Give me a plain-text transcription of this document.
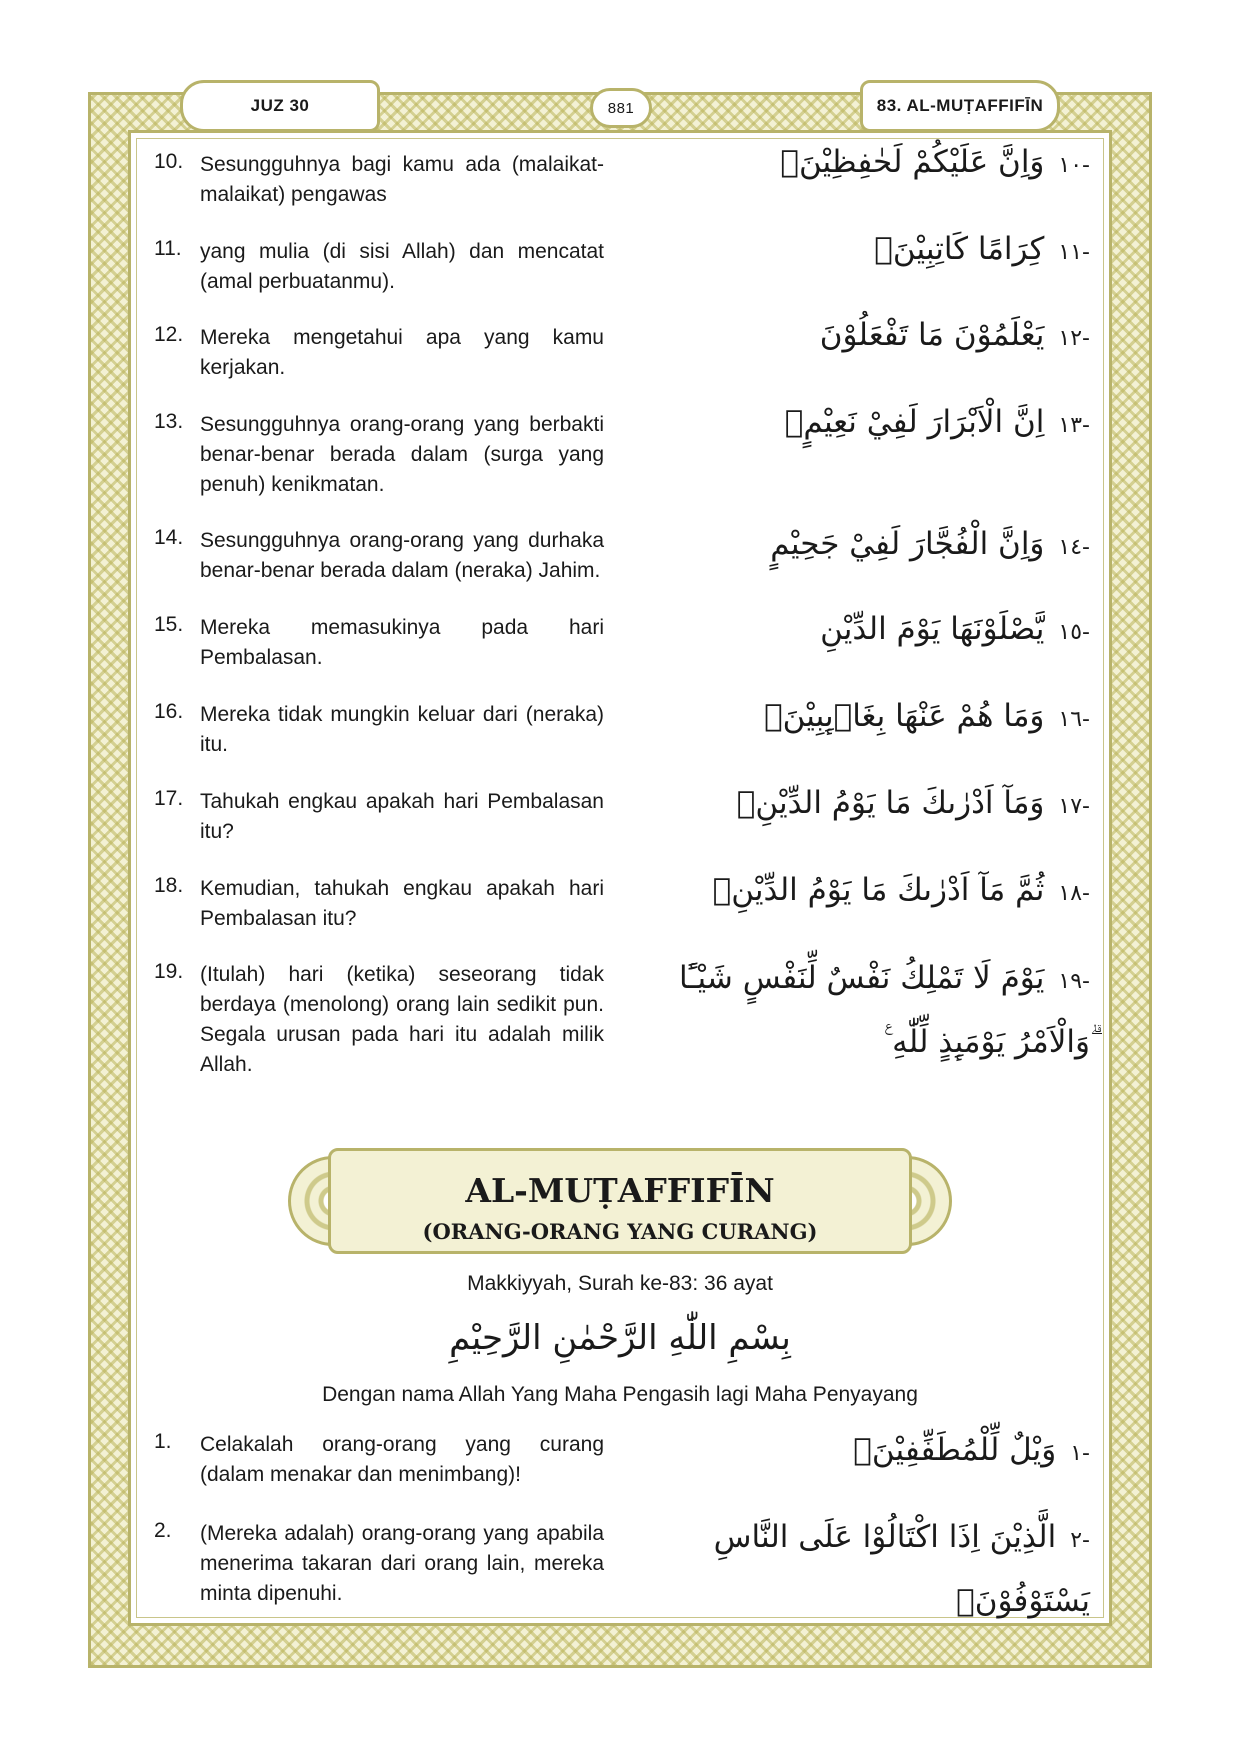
JUZ 30	881	83. AL-MUṬAFFIFĪN
10. Sesungguhnya bagi kamu ada (malaikat-malaikat) pengawas
-١٠وَاِنَّ عَلَيْكُمْ لَحٰفِظِيْنَۙ
11. yang mulia (di sisi Allah) dan mencatat (amal perbuatanmu).
-١١كِرَامًا كَاتِبِيْنَۙ
12. Mereka mengetahui apa yang kamu kerjakan.
-١٢يَعْلَمُوْنَ مَا تَفْعَلُوْنَ
13. Sesungguhnya orang-orang yang berbakti benar-benar berada dalam (surga yang penuh) kenikmatan.
-١٣اِنَّ الْاَبْرَارَ لَفِيْ نَعِيْمٍۙ
14. Sesungguhnya orang-orang yang durhaka benar-benar berada dalam (neraka) Jahim.
-١٤وَاِنَّ الْفُجَّارَ لَفِيْ جَحِيْمٍ
15. Mereka memasukinya pada hari Pembalasan.
-١٥يَّصْلَوْنَهَا يَوْمَ الدِّيْنِ
16. Mereka tidak mungkin keluar dari (neraka) itu.
-١٦وَمَا هُمْ عَنْهَا بِغَاۤىِٕبِيْنَۗ
17. Tahukah engkau apakah hari Pembalasan itu?
-١٧وَمَآ اَدْرٰىكَ مَا يَوْمُ الدِّيْنِۙ
18. Kemudian, tahukah engkau apakah hari Pembalasan itu?
-١٨ثُمَّ مَآ اَدْرٰىكَ مَا يَوْمُ الدِّيْنِۗ
19. (Itulah) hari (ketika) seseorang tidak berdaya (menolong) orang lain sedikit pun. Segala urusan pada hari itu adalah milik Allah.
-١٩يَوْمَ لَا تَمْلِكُ نَفْسٌ لِّنَفْسٍ شَيْـًٔا ۗوَالْاَمْرُ يَوْمَىِٕذٍ لِّلّٰهِ ࣖ
AL-MUṬAFFIFĪN
(ORANG-ORANG YANG CURANG)
Makkiyyah, Surah ke-83: 36 ayat
بِسْمِ اللّٰهِ الرَّحْمٰنِ الرَّحِيْمِ
Dengan nama Allah Yang Maha Pengasih lagi Maha Penyayang
1. Celakalah orang-orang yang curang (dalam menakar dan menimbang)!
-١وَيْلٌ لِّلْمُطَفِّفِيْنَۙ
2. (Mereka adalah) orang-orang yang apabila menerima takaran dari orang lain, mereka minta dipenuhi.
-٢الَّذِيْنَ اِذَا اكْتَالُوْا عَلَى النَّاسِ يَسْتَوْفُوْنَۖ
